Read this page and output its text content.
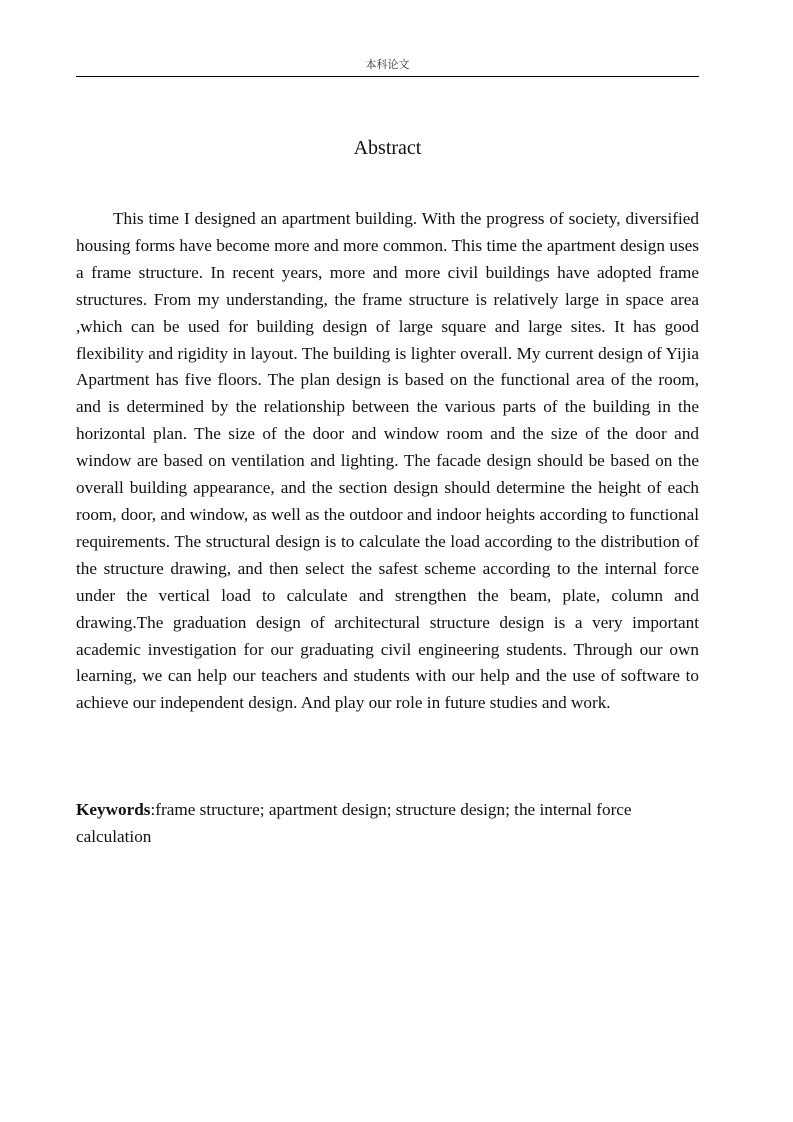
本科论文
Abstract

This time I designed an apartment building. With the progress of society, diversified housing forms have become more and more common. This time the apartment design uses a frame structure. In recent years, more and more civil buildings have adopted frame structures. From my understanding, the frame structure is relatively large in space area ,which can be used for building design of large square and large sites. It has good flexibility and rigidity in layout. The building is lighter overall. My current design of Yijia Apartment has five floors. The plan design is based on the functional area of the room, and is determined by the relationship between the various parts of the building in the horizontal plan. The size of the door and window room and the size of the door and window are based on ventilation and lighting. The facade design should be based on the overall building appearance, and the section design should determine the height of each room, door, and window, as well as the outdoor and indoor heights according to functional requirements. The structural design is to calculate the load according to the distribution of the structure drawing, and then select the safest scheme according to the internal force under the vertical load to calculate and strengthen the beam, plate, column and drawing.The graduation design of architectural structure design is a very important academic investigation for our graduating civil engineering students. Through our own learning, we can help our teachers and students with our help and the use of software to achieve our independent design. And play our role in future studies and work.

Keywords:frame structure; apartment design; structure design; the internal force calculation
